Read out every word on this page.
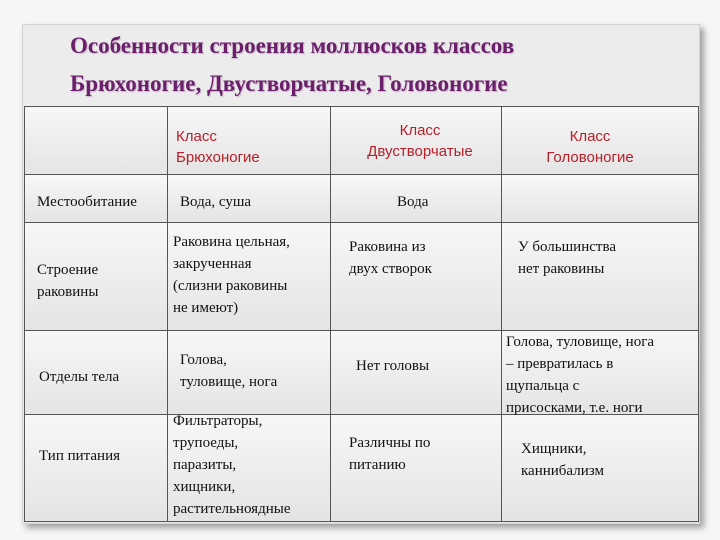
Особенности строения моллюсков классов
Брюхоногие, Двустворчатые, Головоногие
Класс
Брюхоногие
Класс
Двустворчатые
Класс
Головоногие
Местообитание
Строение
раковины
Отделы тела
Тип питания
Вода, суша	Вода
Раковина цельная,
закрученная
(слизни раковины
не имеют)
Раковина из
двух створок
У большинства
нет раковины
Голова,
туловище, нога
Нет головы
Голова, туловище, нога
– превратилась в
щупальца с
присосками, т.е. ноги
Фильтраторы,
трупоеды,
паразиты,
хищники,
растительноядные
Различны по
питанию
Хищники,
каннибализм
